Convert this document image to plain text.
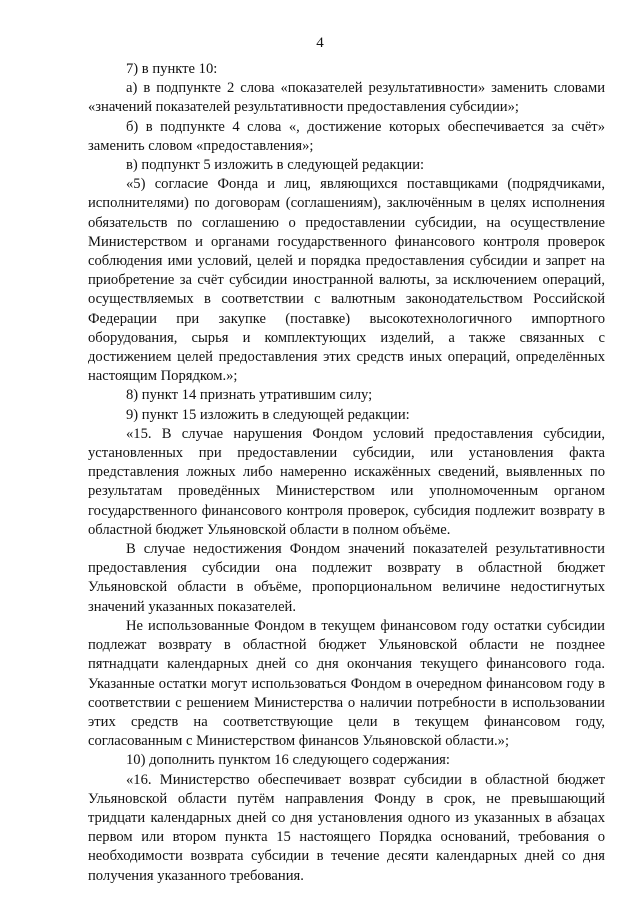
4

7) в пункте 10:

а) в подпункте 2 слова «показателей результативности» заменить словами «значений показателей результативности предоставления субсидии»;

б) в подпункте 4 слова «, достижение которых обеспечивается за счёт» заменить словом «предоставления»;

в) подпункт 5 изложить в следующей редакции:

«5) согласие Фонда и лиц, являющихся поставщиками (подрядчиками, исполнителями) по договорам (соглашениям), заключённым в целях исполнения обязательств по соглашению о предоставлении субсидии, на осуществление Министерством и органами государственного финансового контроля проверок соблюдения ими условий, целей и порядка предоставления субсидии и запрет на приобретение за счёт субсидии иностранной валюты, за исключением операций, осуществляемых в соответствии с валютным законодательством Российской Федерации при закупке (поставке) высокотехнологичного импортного оборудования, сырья и комплектующих изделий, а также связанных с достижением целей предоставления этих средств иных операций, определённых настоящим Порядком.»;

8) пункт 14 признать утратившим силу;

9) пункт 15 изложить в следующей редакции:

«15. В случае нарушения Фондом условий предоставления субсидии, установленных при предоставлении субсидии, или установления факта представления ложных либо намеренно искажённых сведений, выявленных по результатам проведённых Министерством или уполномоченным органом государственного финансового контроля проверок, субсидия подлежит возврату в областной бюджет Ульяновской области в полном объёме.

В случае недостижения Фондом значений показателей результативности предоставления субсидии она подлежит возврату в областной бюджет Ульяновской области в объёме, пропорциональном величине недостигнутых значений указанных показателей.

Не использованные Фондом в текущем финансовом году остатки субсидии подлежат возврату в областной бюджет Ульяновской области не позднее пятнадцати календарных дней со дня окончания текущего финансового года. Указанные остатки могут использоваться Фондом в очередном финансовом году в соответствии с решением Министерства о наличии потребности в использовании этих средств на соответствующие цели в текущем финансовом году, согласованным с Министерством финансов Ульяновской области.»;

10) дополнить пунктом 16 следующего содержания:

«16. Министерство обеспечивает возврат субсидии в областной бюджет Ульяновской области путём направления Фонду в срок, не превышающий тридцати календарных дней со дня установления одного из указанных в абзацах первом или втором пункта 15 настоящего Порядка оснований, требования о необходимости возврата субсидии в течение десяти календарных дней со дня получения указанного требования.
